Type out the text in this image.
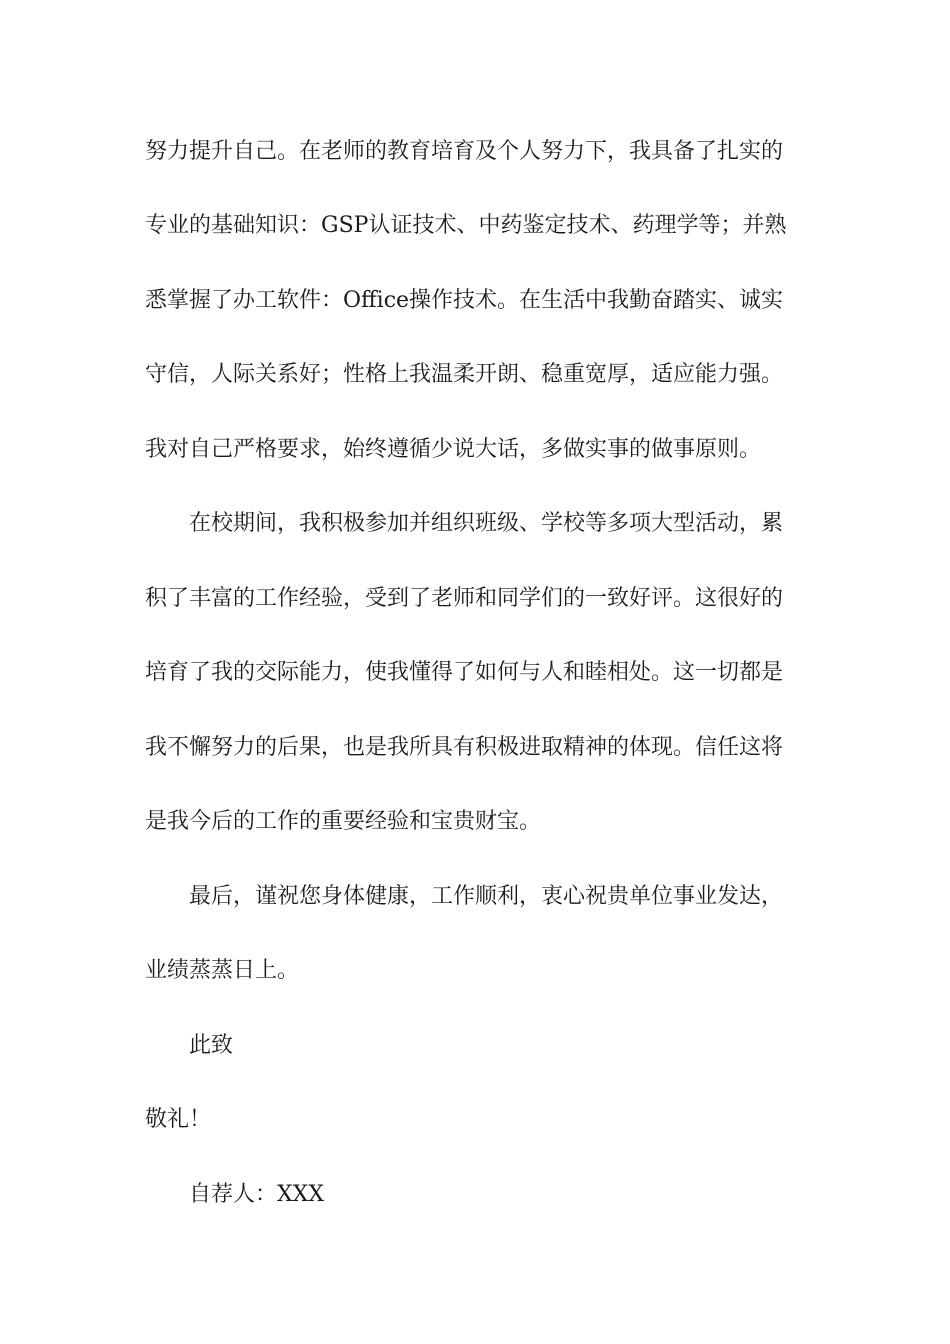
努力提升自己。在老师的教育培育及个人努力下，我具备了扎实的
专业的基础知识：GSP认证技术、中药鉴定技术、药理学等；并熟
悉掌握了办工软件：Office操作技术。在生活中我勤奋踏实、诚实
守信，人际关系好；性格上我温柔开朗、稳重宽厚，适应能力强。
我对自己严格要求，始终遵循少说大话，多做实事的做事原则。
在校期间，我积极参加并组织班级、学校等多项大型活动，累
积了丰富的工作经验，受到了老师和同学们的一致好评。这很好的
培育了我的交际能力，使我懂得了如何与人和睦相处。这一切都是
我不懈努力的后果，也是我所具有积极进取精神的体现。信任这将
是我今后的工作的重要经验和宝贵财宝。
最后，谨祝您身体健康，工作顺利，衷心祝贵单位事业发达，
业绩蒸蒸日上。
此致
敬礼！
自荐人：XXX
